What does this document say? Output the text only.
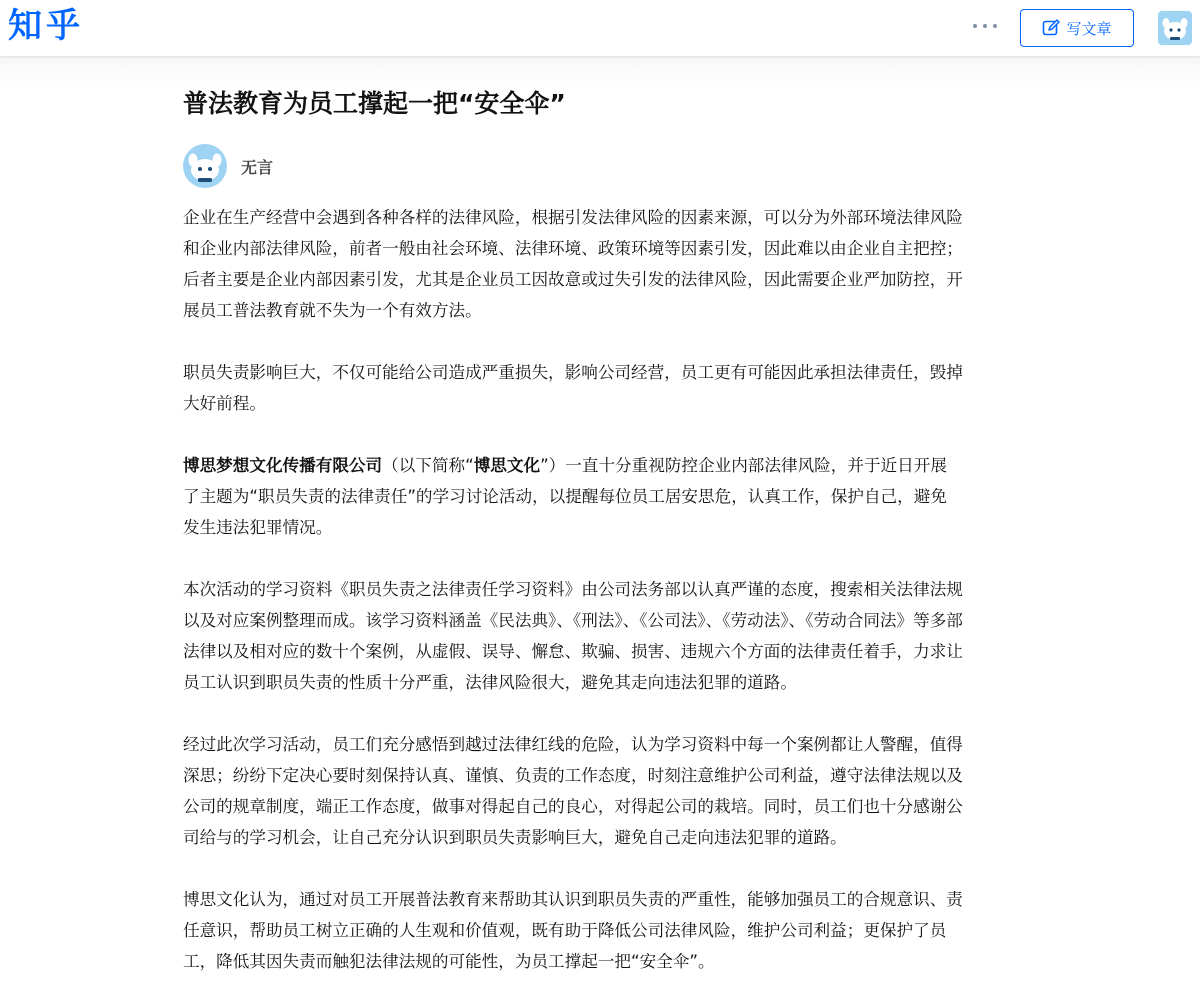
知乎	写文章
普法教育为员工撑起一把“安全伞”
无言

企业在生产经营中会遇到各种各样的法律风险，根据引发法律风险的因素来源，可以分为外部环境法律风险和企业内部法律风险，前者一般由社会环境、法律环境、政策环境等因素引发，因此难以由企业自主把控；后者主要是企业内部因素引发，尤其是企业员工因故意或过失引发的法律风险，因此需要企业严加防控，开展员工普法教育就不失为一个有效方法。

职员失责影响巨大，不仅可能给公司造成严重损失，影响公司经营，员工更有可能因此承担法律责任，毁掉大好前程。

博思梦想文化传播有限公司（以下简称“博思文化”）一直十分重视防控企业内部法律风险，并于近日开展了主题为“职员失责的法律责任”的学习讨论活动，以提醒每位员工居安思危，认真工作，保护自己，避免发生违法犯罪情况。

本次活动的学习资料《职员失责之法律责任学习资料》由公司法务部以认真严谨的态度，搜索相关法律法规以及对应案例整理而成。该学习资料涵盖《民法典》、《刑法》、《公司法》、《劳动法》、《劳动合同法》等多部法律以及相对应的数十个案例，从虚假、误导、懈怠、欺骗、损害、违规六个方面的法律责任着手，力求让员工认识到职员失责的性质十分严重，法律风险很大，避免其走向违法犯罪的道路。

经过此次学习活动，员工们充分感悟到越过法律红线的危险，认为学习资料中每一个案例都让人警醒，值得深思；纷纷下定决心要时刻保持认真、谨慎、负责的工作态度，时刻注意维护公司利益，遵守法律法规以及公司的规章制度，端正工作态度，做事对得起自己的良心，对得起公司的栽培。同时，员工们也十分感谢公司给与的学习机会，让自己充分认识到职员失责影响巨大，避免自己走向违法犯罪的道路。

博思文化认为，通过对员工开展普法教育来帮助其认识到职员失责的严重性，能够加强员工的合规意识、责任意识，帮助员工树立正确的人生观和价值观，既有助于降低公司法律风险，维护公司利益；更保护了员工，降低其因失责而触犯法律法规的可能性，为员工撑起一把“安全伞”。
